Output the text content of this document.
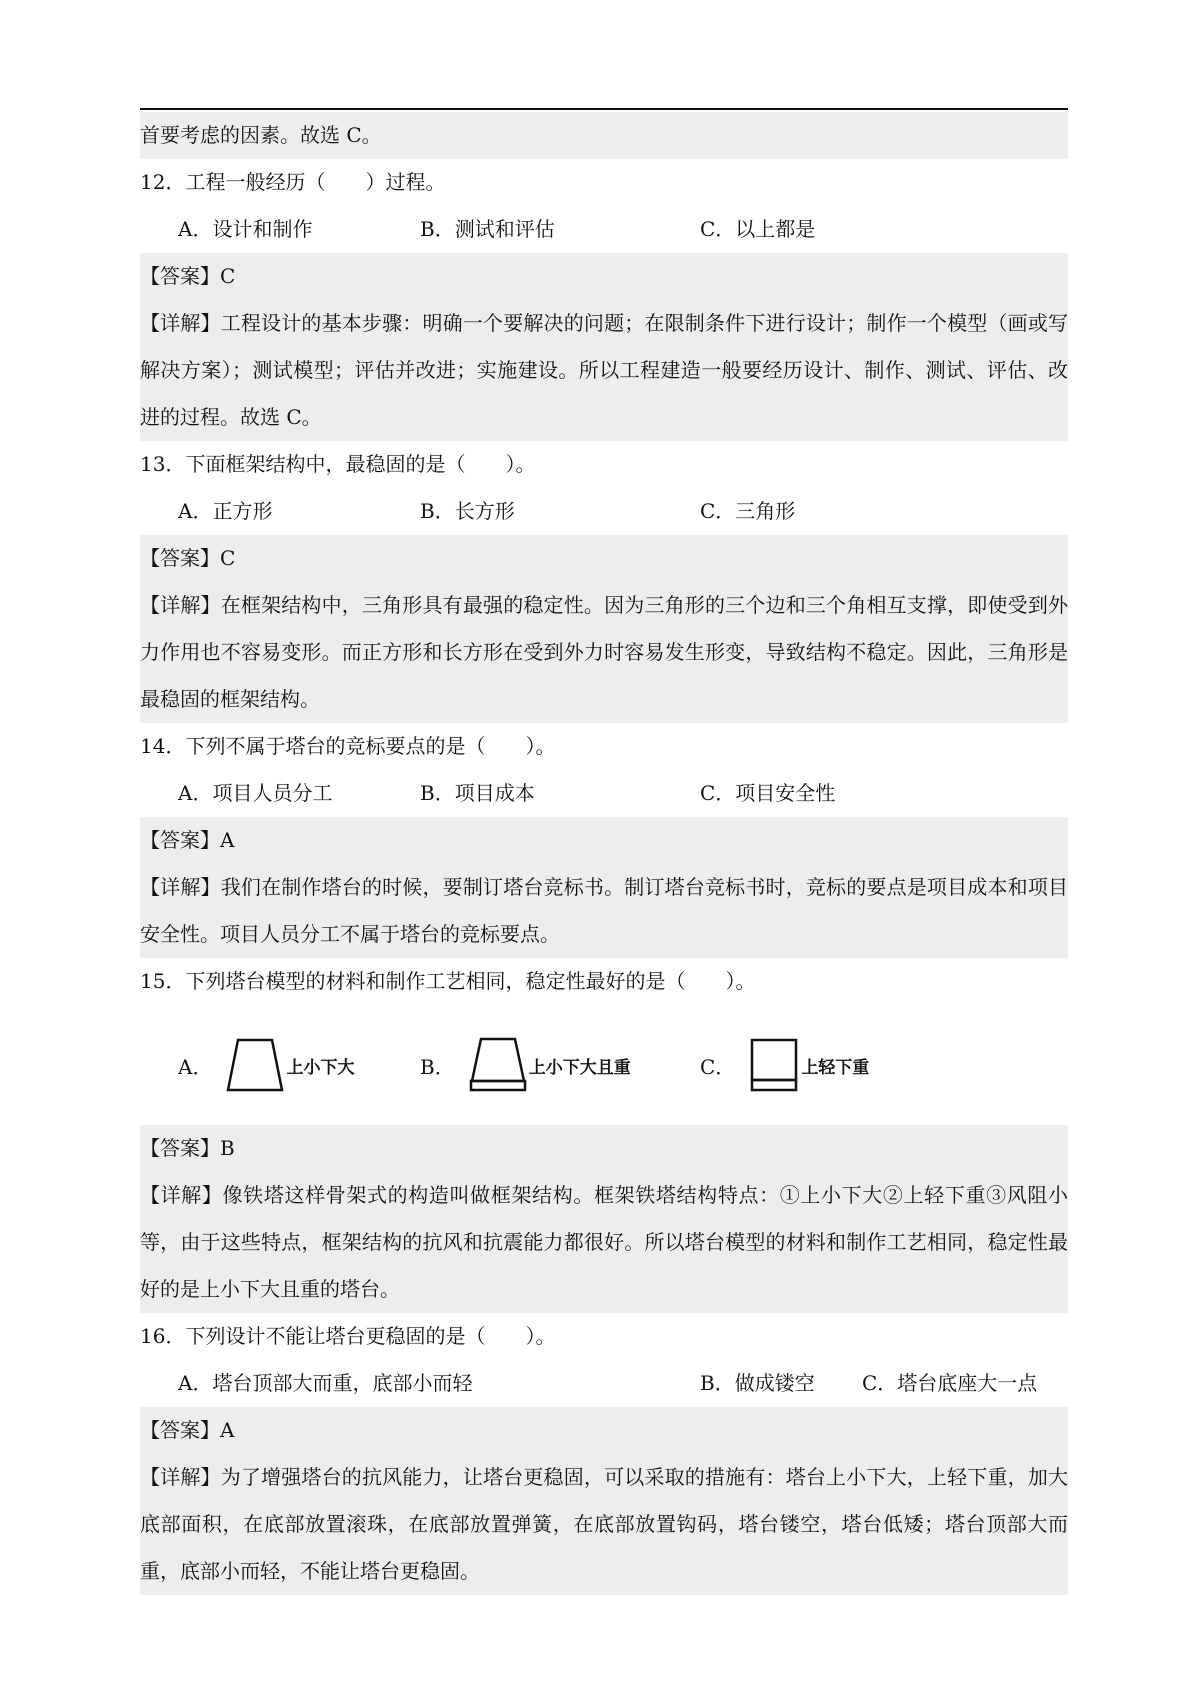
首要考虑的因素。故选 C。
12．工程一般经历（　　）过程。
A．设计和制作	B．测试和评估	C．以上都是
【答案】C
【详解】工程设计的基本步骤：明确一个要解决的问题；在限制条件下进行设计；制作一个模型（画或写解决方案）；测试模型；评估并改进；实施建设。所以工程建造一般要经历设计、制作、测试、评估、改进的过程。故选 C。
13．下面框架结构中，最稳固的是（　　）。
A．正方形	B．长方形	C．三角形
【答案】C
【详解】在框架结构中，三角形具有最强的稳定性。因为三角形的三个边和三个角相互支撑，即使受到外力作用也不容易变形。而正方形和长方形在受到外力时容易发生形变，导致结构不稳定。因此，三角形是最稳固的框架结构。
14．下列不属于塔台的竞标要点的是（　　）。
A．项目人员分工	B．项目成本	C．项目安全性
【答案】A
【详解】我们在制作塔台的时候，要制订塔台竞标书。制订塔台竞标书时，竞标的要点是项目成本和项目安全性。项目人员分工不属于塔台的竞标要点。
15．下列塔台模型的材料和制作工艺相同，稳定性最好的是（　　）。
A．	上小下大	B．	上小下大且重	C．	上轻下重
【答案】B
【详解】像铁塔这样骨架式的构造叫做框架结构。框架铁塔结构特点：①上小下大②上轻下重③风阻小等，由于这些特点，框架结构的抗风和抗震能力都很好。所以塔台模型的材料和制作工艺相同，稳定性最好的是上小下大且重的塔台。
16．下列设计不能让塔台更稳固的是（　　）。
A．塔台顶部大而重，底部小而轻	B．做成镂空 C．塔台底座大一点
【答案】A
【详解】为了增强塔台的抗风能力，让塔台更稳固，可以采取的措施有：塔台上小下大，上轻下重，加大底部面积，在底部放置滚珠，在底部放置弹簧，在底部放置钩码，塔台镂空，塔台低矮；塔台顶部大而重，底部小而轻，不能让塔台更稳固。
